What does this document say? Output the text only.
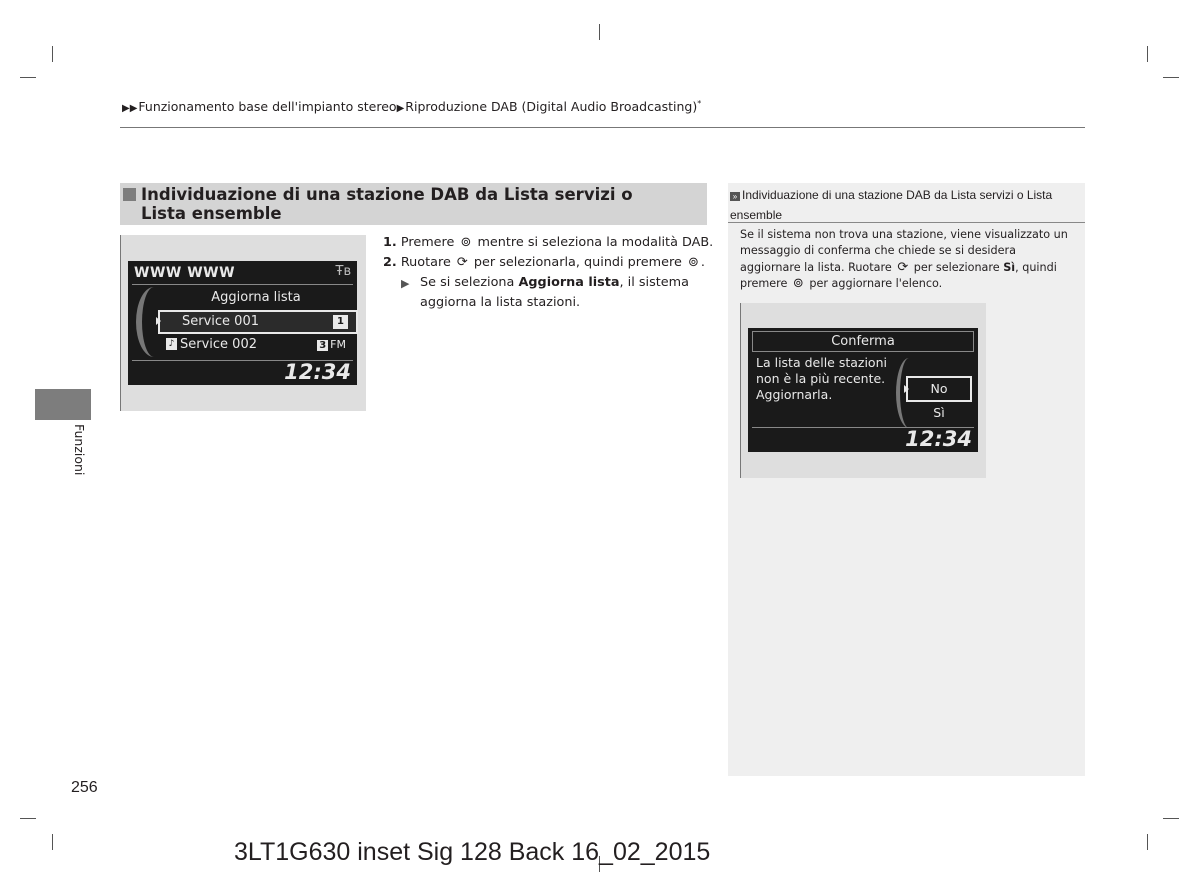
▶▶Funzionamento base dell'impianto stereo▶Riproduzione DAB (Digital Audio Broadcasting)*
Individuazione di una stazione DAB da Lista servizi o Lista ensemble
WWW WWW	Ŧʙ
Aggiorna lista
Service 001	1
♪ Service 002	3 FM
12:34
1. Premere ⊚ mentre si seleziona la modalità DAB.
2. Ruotare ⟳ per selezionarla, quindi premere ⊚ .
▶ Se si seleziona Aggiorna lista, il sistema aggiorna la lista stazioni.
» Individuazione di una stazione DAB da Lista servizi o Lista ensemble
Se il sistema non trova una stazione, viene visualizzato un messaggio di conferma che chiede se si desidera aggiornare la lista. Ruotare ⟳ per selezionare Sì, quindi premere ⊚ per aggiornare l'elenco.
Conferma
La lista delle stazioni
non è la più recente.
Aggiornarla.	No
Sì
12:34
Funzioni
256
3LT1G630 inset Sig 128 Back 16_02_2015
